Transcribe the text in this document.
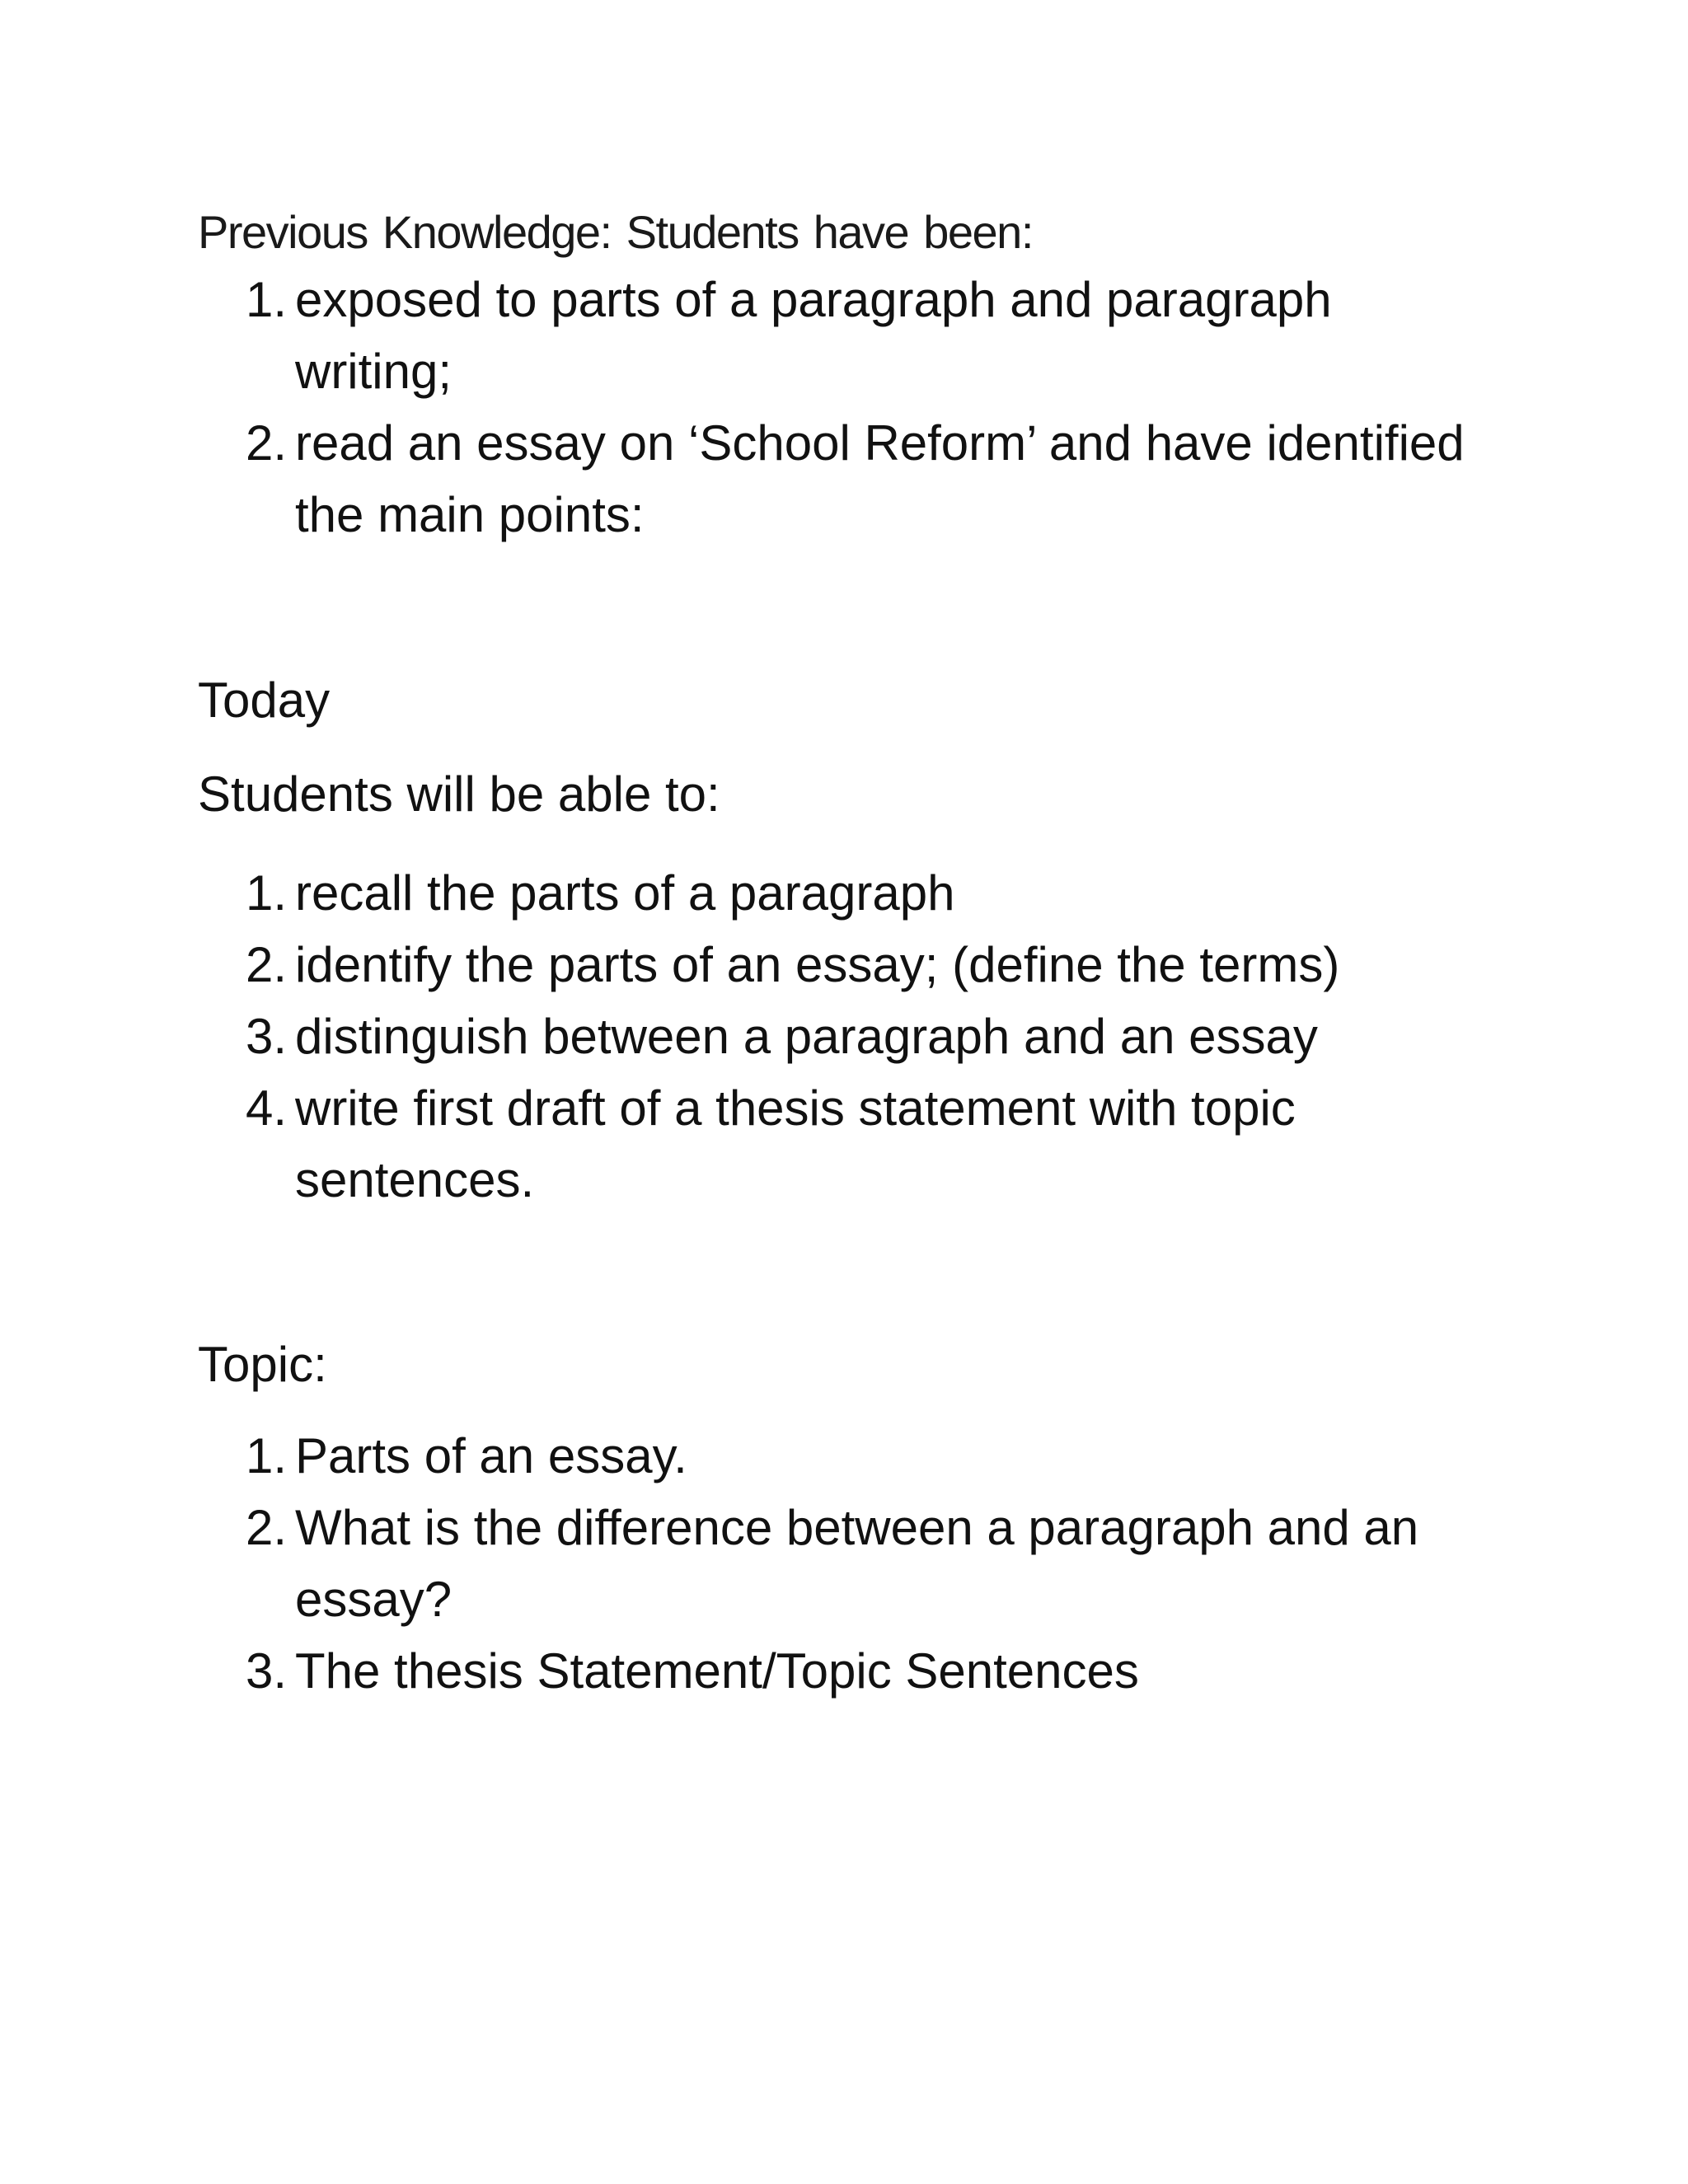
Previous Knowledge: Students have been:
1. exposed to parts of a paragraph and paragraph writing;
2. read an essay on ‘School Reform’ and have identified the main points:
Today
Students will be able to:
1. recall the parts of a paragraph
2. identify the parts of an essay; (define the terms)
3. distinguish between a paragraph and an essay
4. write first draft of a thesis statement with topic sentences.
Topic:
1. Parts of an essay.
2. What is the difference between a paragraph and an essay?
3. The thesis Statement/Topic Sentences
